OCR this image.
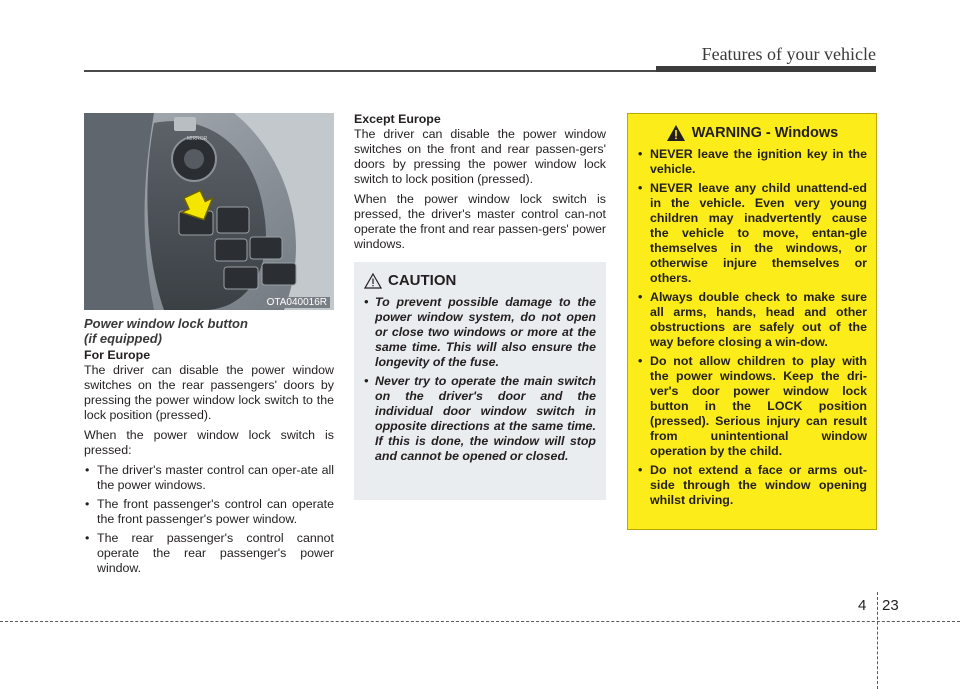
Features of your vehicle
MIRROR
OTA040016R
Power window lock button
(if equipped)
For Europe

The driver can disable the power window switches on the rear passengers' doors by pressing the power window lock switch to the lock position (pressed).

When the power window lock switch is pressed:

• The driver's master control can oper-ate all the power windows.
• The front passenger's control can operate the front passenger's power window.
• The rear passenger's control cannot operate the rear passenger's power window.
Except Europe

The driver can disable the power window switches on the front and rear passen-gers' doors by pressing the power window lock switch to lock position (pressed).

When the power window lock switch is pressed, the driver's master control can-not operate the front and rear passen-gers' power windows.

CAUTION
• To prevent possible damage to the power window system, do not open or close two windows or more at the same time. This will also ensure the longevity of the fuse.
• Never try to operate the main switch on the driver's door and the individual door window switch in opposite directions at the same time. If this is done, the window will stop and cannot be opened or closed.
WARNING - Windows
• NEVER leave the ignition key in the vehicle.
• NEVER leave any child unattend-ed in the vehicle. Even very young children may inadvertently cause the vehicle to move, entan-gle themselves in the windows, or otherwise injure themselves or others.
• Always double check to make sure all arms, hands, head and other obstructions are safely out of the way before closing a win-dow.
• Do not allow children to play with the power windows. Keep the dri-ver's door power window lock button in the LOCK position (pressed). Serious injury can result from unintentional window operation by the child.
• Do not extend a face or arms out-side through the window opening whilst driving.
4 23
